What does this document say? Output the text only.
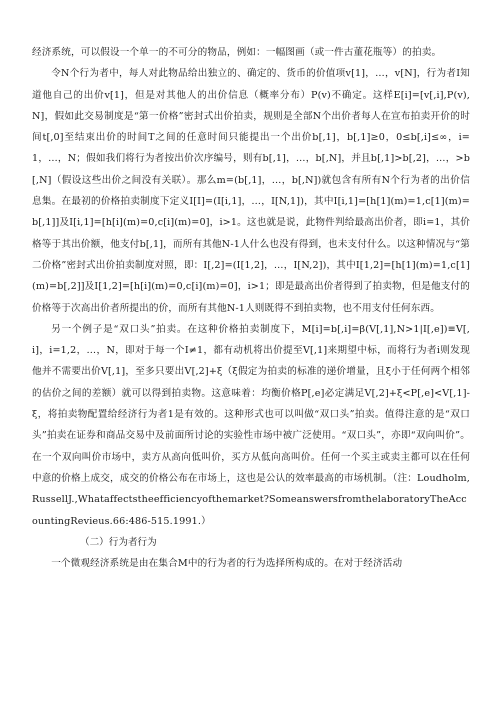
经济系统，可以假设一个单一的不可分的物品，例如：一幅图画（或一件古董花瓶等）的拍卖。

令N个行为者中，每人对此物品给出独立的、确定的、货币的价值项v[1]，…，v[N]，行为者I知道他自己的出价v[1]，但是对其他人的出价信息（概率分布）P(v)不确定。这样E[i]=[v[,i],P(v),N]，假如此交易制度是“第一价格”密封式出价拍卖，规则是全部N个出价者每人在宣布拍卖开价的时间t[,0]至结束出价的时间T之间的任意时间只能提出一个出价b[,1]，b[,1]≥0，0≤b[,i]≤∞，i=1，…，N；假如我们将行为者按出价次序编号，则有b[,1]，…，b[,N]，并且b[,1]>b[,2]，…，>b[,N]（假设这些出价之间没有关联）。那么m=(b[,1]，…，b[,N])就包含有所有N个行为者的出价信息集。在最初的价格拍卖制度下定义I[I]=(I[i,1]，…，I[N,1])，其中I[i,1]=[h[1](m)=1,c[1](m)=b[,1]]及I[i,1]=[h[i](m)=0,c[i](m)=0]，i>1。这也就是说，此物件判给最高出价者，即i=1，其价格等于其出价额，他支付b[,1]，而所有其他N-1人什么也没有得到，也未支付什么。以这种情况与“第二价格”密封式出价拍卖制度对照，即：I[,2]=(I[1,2]，…，I[N,2])，其中I[1,2]=[h[1](m)=1,c[1](m)=b[,2]]及I[1,2]=[h[i](m)=0,c[i](m)=0]，i>1；即是最高出价者得到了拍卖物，但是他支付的价格等于次高出价者所提出的价，而所有其他N-1人则既得不到拍卖物，也不用支付任何东西。

另一个例子是“双口头”拍卖。在这种价格拍卖制度下，M[i]=b[,i]=β(V[,1],N>1|I[,e])≡V[,i]，i=1,2，…，N，即对于每一个I≠1，都有动机将出价提至V[,1]来期望中标，而将行为者i则发现他并不需要出价V[,1]，至多只要出V[,2]+ξ（ξ假定为拍卖的标准的递价增量，且ξ小于任何两个相邻的估价之间的差额）就可以得到拍卖物。这意味着：均衡价格P[,e]必定满足V[,2]+ξ<P[,e]<V[,1]-ξ，将拍卖物配置给经济行为者1是有效的。这种形式也可以叫做“双口头”拍卖。值得注意的是“双口头”拍卖在证券和商品交易中及前面所讨论的实验性市场中被广泛使用。“双口头”，亦即“双向叫价”。在一个双向叫价市场中，卖方从高向低叫价，买方从低向高叫价。任何一个买主或卖主都可以在任何中意的价格上成交，成交的价格公布在市场上，这也是公认的效率最高的市场机制。（注：Loudholm,RussellJ.,Whataffectstheefficiencyofthemarket?SomeanswersfromthelaboratoryTheAccountingRevieus.66:486-515.1991.）

（二）行为者行为

一个微观经济系统是由在集合M中的行为者的行为选择所构成的。在对于经济活动
